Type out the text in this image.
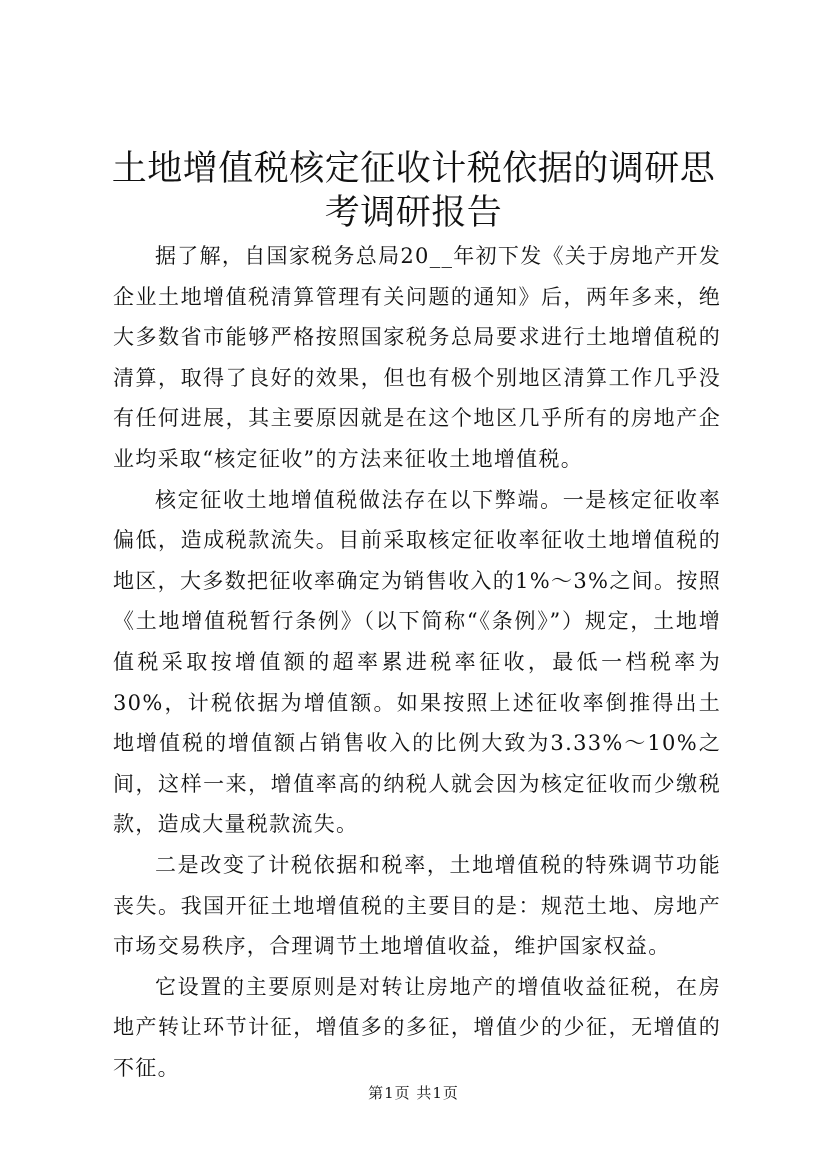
土地增值税核定征收计税依据的调研思考调研报告

据了解，自国家税务总局20__年初下发《关于房地产开发企业土地增值税清算管理有关问题的通知》后，两年多来，绝大多数省市能够严格按照国家税务总局要求进行土地增值税的清算，取得了良好的效果，但也有极个别地区清算工作几乎没有任何进展，其主要原因就是在这个地区几乎所有的房地产企业均采取“核定征收”的方法来征收土地增值税。

核定征收土地增值税做法存在以下弊端。一是核定征收率偏低，造成税款流失。目前采取核定征收率征收土地增值税的地区，大多数把征收率确定为销售收入的1%～3%之间。按照《土地增值税暂行条例》（以下简称“《条例》”）规定，土地增值税采取按增值额的超率累进税率征收，最低一档税率为30%，计税依据为增值额。如果按照上述征收率倒推得出土地增值税的增值额占销售收入的比例大致为3.33%～10%之间，这样一来，增值率高的纳税人就会因为核定征收而少缴税款，造成大量税款流失。

二是改变了计税依据和税率，土地增值税的特殊调节功能丧失。我国开征土地增值税的主要目的是：规范土地、房地产市场交易秩序，合理调节土地增值收益，维护国家权益。

它设置的主要原则是对转让房地产的增值收益征税，在房地产转让环节计征，增值多的多征，增值少的少征，无增值的不征。

第1页 共1页
